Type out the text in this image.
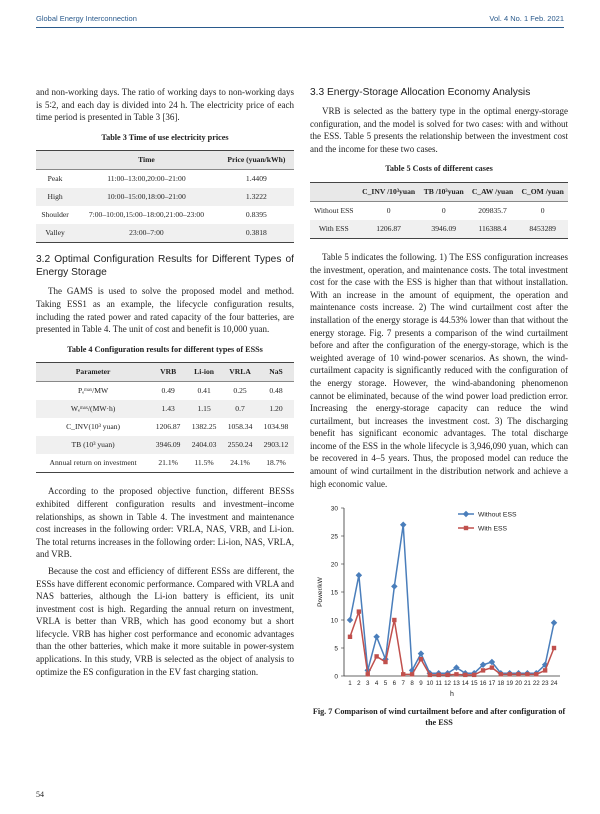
Global Energy Interconnection	Vol. 4 No. 1 Feb. 2021

and non-working days. The ratio of working days to non-working days is 5∶2, and each day is divided into 24 h. The electricity price of each time period is presented in Table 3 [36].

Table 3 Time of use electricity prices
	Time	Price (yuan/kWh)
Peak	11:00–13:00,20:00–21:00	1.4409
High	10:00–15:00,18:00–21:00	1.3222
Shoulder	7:00–10:00,15:00–18:00,21:00–23:00	0.8395
Valley	23:00–7:00	0.3818
3.2 Optimal Configuration Results for Different Types of Energy Storage

The GAMS is used to solve the proposed model and method. Taking ESS1 as an example, the lifecycle configuration results, including the rated power and rated capacity of the four batteries, are presented in Table 4. The unit of cost and benefit is 10,000 yuan.

Table 4 Configuration results for different types of ESSs
Parameter	VRB	Li-ion	VRLA	NaS
Pₑᵐᵃˣ/MW	0.49	0.41	0.25	0.48
Wₑᵐᵃˣ/(MW·h)	1.43	1.15	0.7	1.20
C_INV(10³ yuan)	1206.87	1382.25	1058.34	1034.98
TB (10³ yuan)	3946.09	2404.03	2550.24	2903.12
Annual return on investment	21.1%	11.5%	24.1%	18.7%

According to the proposed objective function, different BESSs exhibited different configuration results and investment–income relationships, as shown in Table 4. The investment and maintenance cost increases in the following order: VRLA, NAS, VRB, and Li-ion. The total returns increases in the following order: Li-ion, NAS, VRLA, and VRB.

Because the cost and efficiency of different ESSs are different, the ESSs have different economic performance. Compared with VRLA and NAS batteries, although the Li-ion battery is efficient, its unit investment cost is high. Regarding the annual return on investment, VRLA is better than VRB, which has good economy but a short lifecycle. VRB has higher cost performance and economic advantages than the other batteries, which make it more suitable in power-system applications. In this study, VRB is selected as the object of analysis to optimize the ES configuration in the EV fast charging station.

3.3 Energy-Storage Allocation Economy Analysis

VRB is selected as the battery type in the optimal energy-storage configuration, and the model is solved for two cases: with and without the ESS. Table 5 presents the relationship between the investment cost and the income for these two cases.

Table 5 Costs of different cases
	C_INV /10³yuan	TB /10³yuan	C_AW /yuan	C_OM /yuan
Without ESS	0	0	209835.7	0
With ESS	1206.87	3946.09	116388.4	8453289

Table 5 indicates the following. 1) The ESS configuration increases the investment, operation, and maintenance costs. The total investment cost for the case with the ESS is higher than that without installation. With an increase in the amount of equipment, the operation and maintenance costs increase. 2) The wind curtailment cost after the installation of the energy storage is 44.53% lower than that without the energy storage. Fig. 7 presents a comparison of the wind curtailment before and after the configuration of the energy-storage, which is the weighted average of 10 wind-power scenarios. As shown, the wind-curtailment capacity is significantly reduced with the configuration of the energy storage. However, the wind-abandoning phenomenon cannot be eliminated, because of the wind power load prediction error. Increasing the energy-storage capacity can reduce the wind curtailment, but increases the investment cost. 3) The discharging benefit has significant economic advantages. The total discharge income of the ESS in the whole lifecycle is 3,946,090 yuan, which can be recovered in 4–5 years. Thus, the proposed model can reduce the amount of wind curtailment in the distribution network and achieve a high economic value.

0
5
10
15
20
25
30
1 2 3 4 5 6 7 8 9 10 11 12 13 14 15 16 17 18 19 20 21 22 23 24
h
Power/kW
Without ESS
With ESS
Fig. 7 Comparison of wind curtailment before and after configuration of the ESS
54
